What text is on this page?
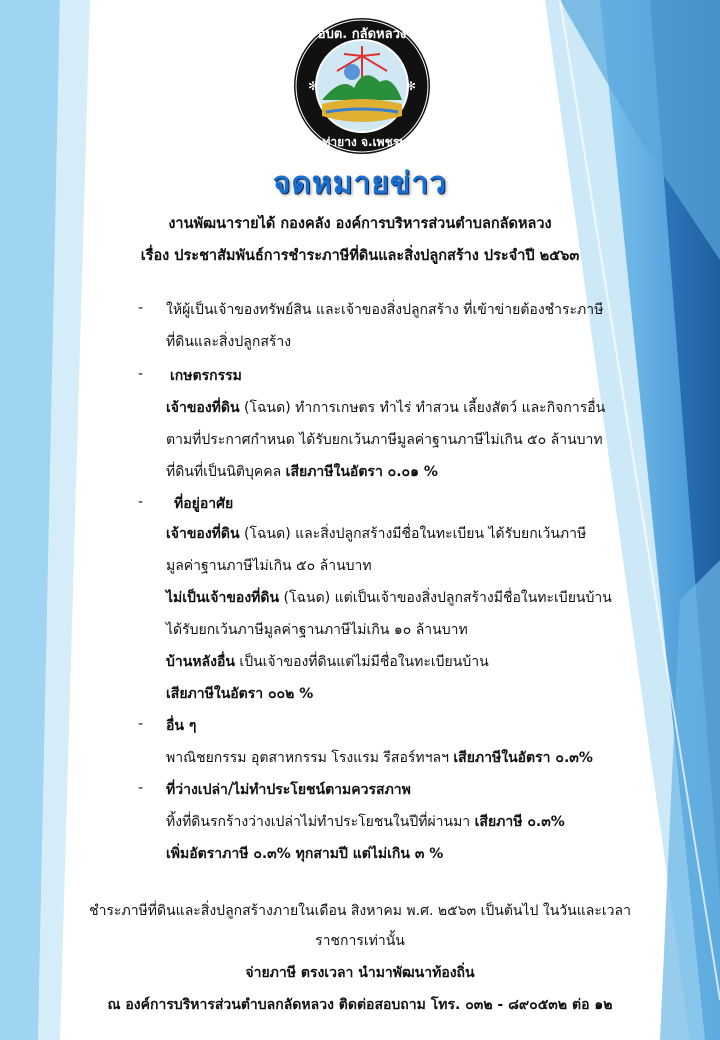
อบต. กลัดหลวง
อ.ท่ายาง จ.เพชรบุรี
✻	✻
จดหมายข่าว
งานพัฒนารายได้ กองคลัง องค์การบริหารส่วนตำบลกลัดหลวง
เรื่อง ประชาสัมพันธ์การชำระภาษีที่ดินและสิ่งปลูกสร้าง ประจำปี ๒๕๖๓
- ให้ผู้เป็นเจ้าของทรัพย์สิน และเจ้าของสิ่งปลูกสร้าง ที่เข้าข่ายต้องชำระภาษี
ที่ดินและสิ่งปลูกสร้าง
- เกษตรกรรม
เจ้าของที่ดิน (โฉนด) ทำการเกษตร ทำไร่ ทำสวน เลี้ยงสัตว์ และกิจการอื่น
ตามที่ประกาศกำหนด ได้รับยกเว้นภาษีมูลค่าฐานภาษีไม่เกิน ๕๐ ล้านบาท
ที่ดินที่เป็นนิติบุคคล เสียภาษีในอัตรา ๐.๐๑ %
- ที่อยู่อาศัย
เจ้าของที่ดิน (โฉนด) และสิ่งปลูกสร้างมีชื่อในทะเบียน ได้รับยกเว้นภาษี
มูลค่าฐานภาษีไม่เกิน ๕๐ ล้านบาท
ไม่เป็นเจ้าของที่ดิน (โฉนด) แต่เป็นเจ้าของสิ่งปลูกสร้างมีชื่อในทะเบียนบ้าน
ได้รับยกเว้นภาษีมูลค่าฐานภาษีไม่เกิน ๑๐ ล้านบาท
บ้านหลังอื่น เป็นเจ้าของที่ดินแต่ไม่มีชื่อในทะเบียนบ้าน
เสียภาษีในอัตรา ๐๐๒ %
- อื่น ๆ
พาณิชยกรรม อุตสาหกรรม โรงแรม รีสอร์ทฯลฯ เสียภาษีในอัตรา ๐.๓%
- ที่ว่างเปล่า/ไม่ทำประโยชน์ตามควรสภาพ
ทิ้งที่ดินรกร้างว่างเปล่าไม่ทำประโยชนในปีที่ผ่านมา เสียภาษี ๐.๓%
เพิ่มอัตราภาษี ๐.๓% ทุกสามปี แต่ไม่เกิน ๓ %
ชำระภาษีที่ดินและสิ่งปลูกสร้างภายในเดือน สิงหาคม พ.ศ. ๒๕๖๓ เป็นต้นไป ในวันและเวลา
ราชการเท่านั้น
จ่ายภาษี ตรงเวลา นำมาพัฒนาท้องถิ่น
ณ องค์การบริหารส่วนตำบลกลัดหลวง ติดต่อสอบถาม โทร. ๐๓๒ - ๘๙๐๕๓๒ ต่อ ๑๒
